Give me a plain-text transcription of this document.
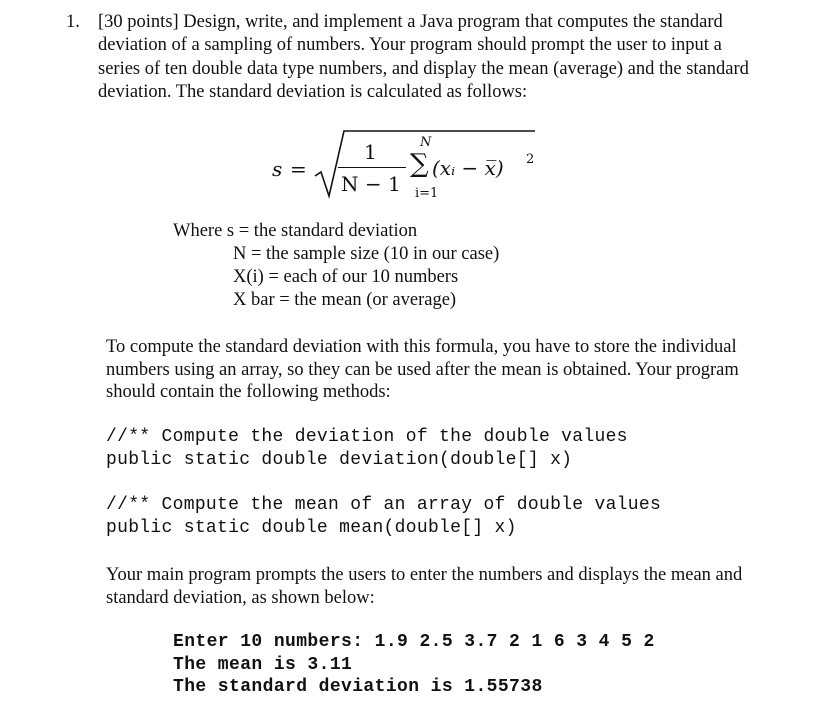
1. [30 points] Design, write, and implement a Java program that computes the standard
deviation of a sampling of numbers. Your program should prompt the user to input a
series of ten double data type numbers, and display the mean (average) and the standard
deviation. The standard deviation is calculated as follows:
s =
1
N − 1
N
∑
i=1
(xᵢ − x̅) 2
Where s = the standard deviation
N = the sample size (10 in our case)
X(i) = each of our 10 numbers
X bar = the mean (or average)
To compute the standard deviation with this formula, you have to store the individual
numbers using an array, so they can be used after the mean is obtained. Your program
should contain the following methods:
//** Compute the deviation of the double values
public static double deviation(double[] x)
//** Compute the mean of an array of double values
public static double mean(double[] x)
Your main program prompts the users to enter the numbers and displays the mean and
standard deviation, as shown below:
Enter 10 numbers: 1.9 2.5 3.7 2 1 6 3 4 5 2
The mean is 3.11
The standard deviation is 1.55738
